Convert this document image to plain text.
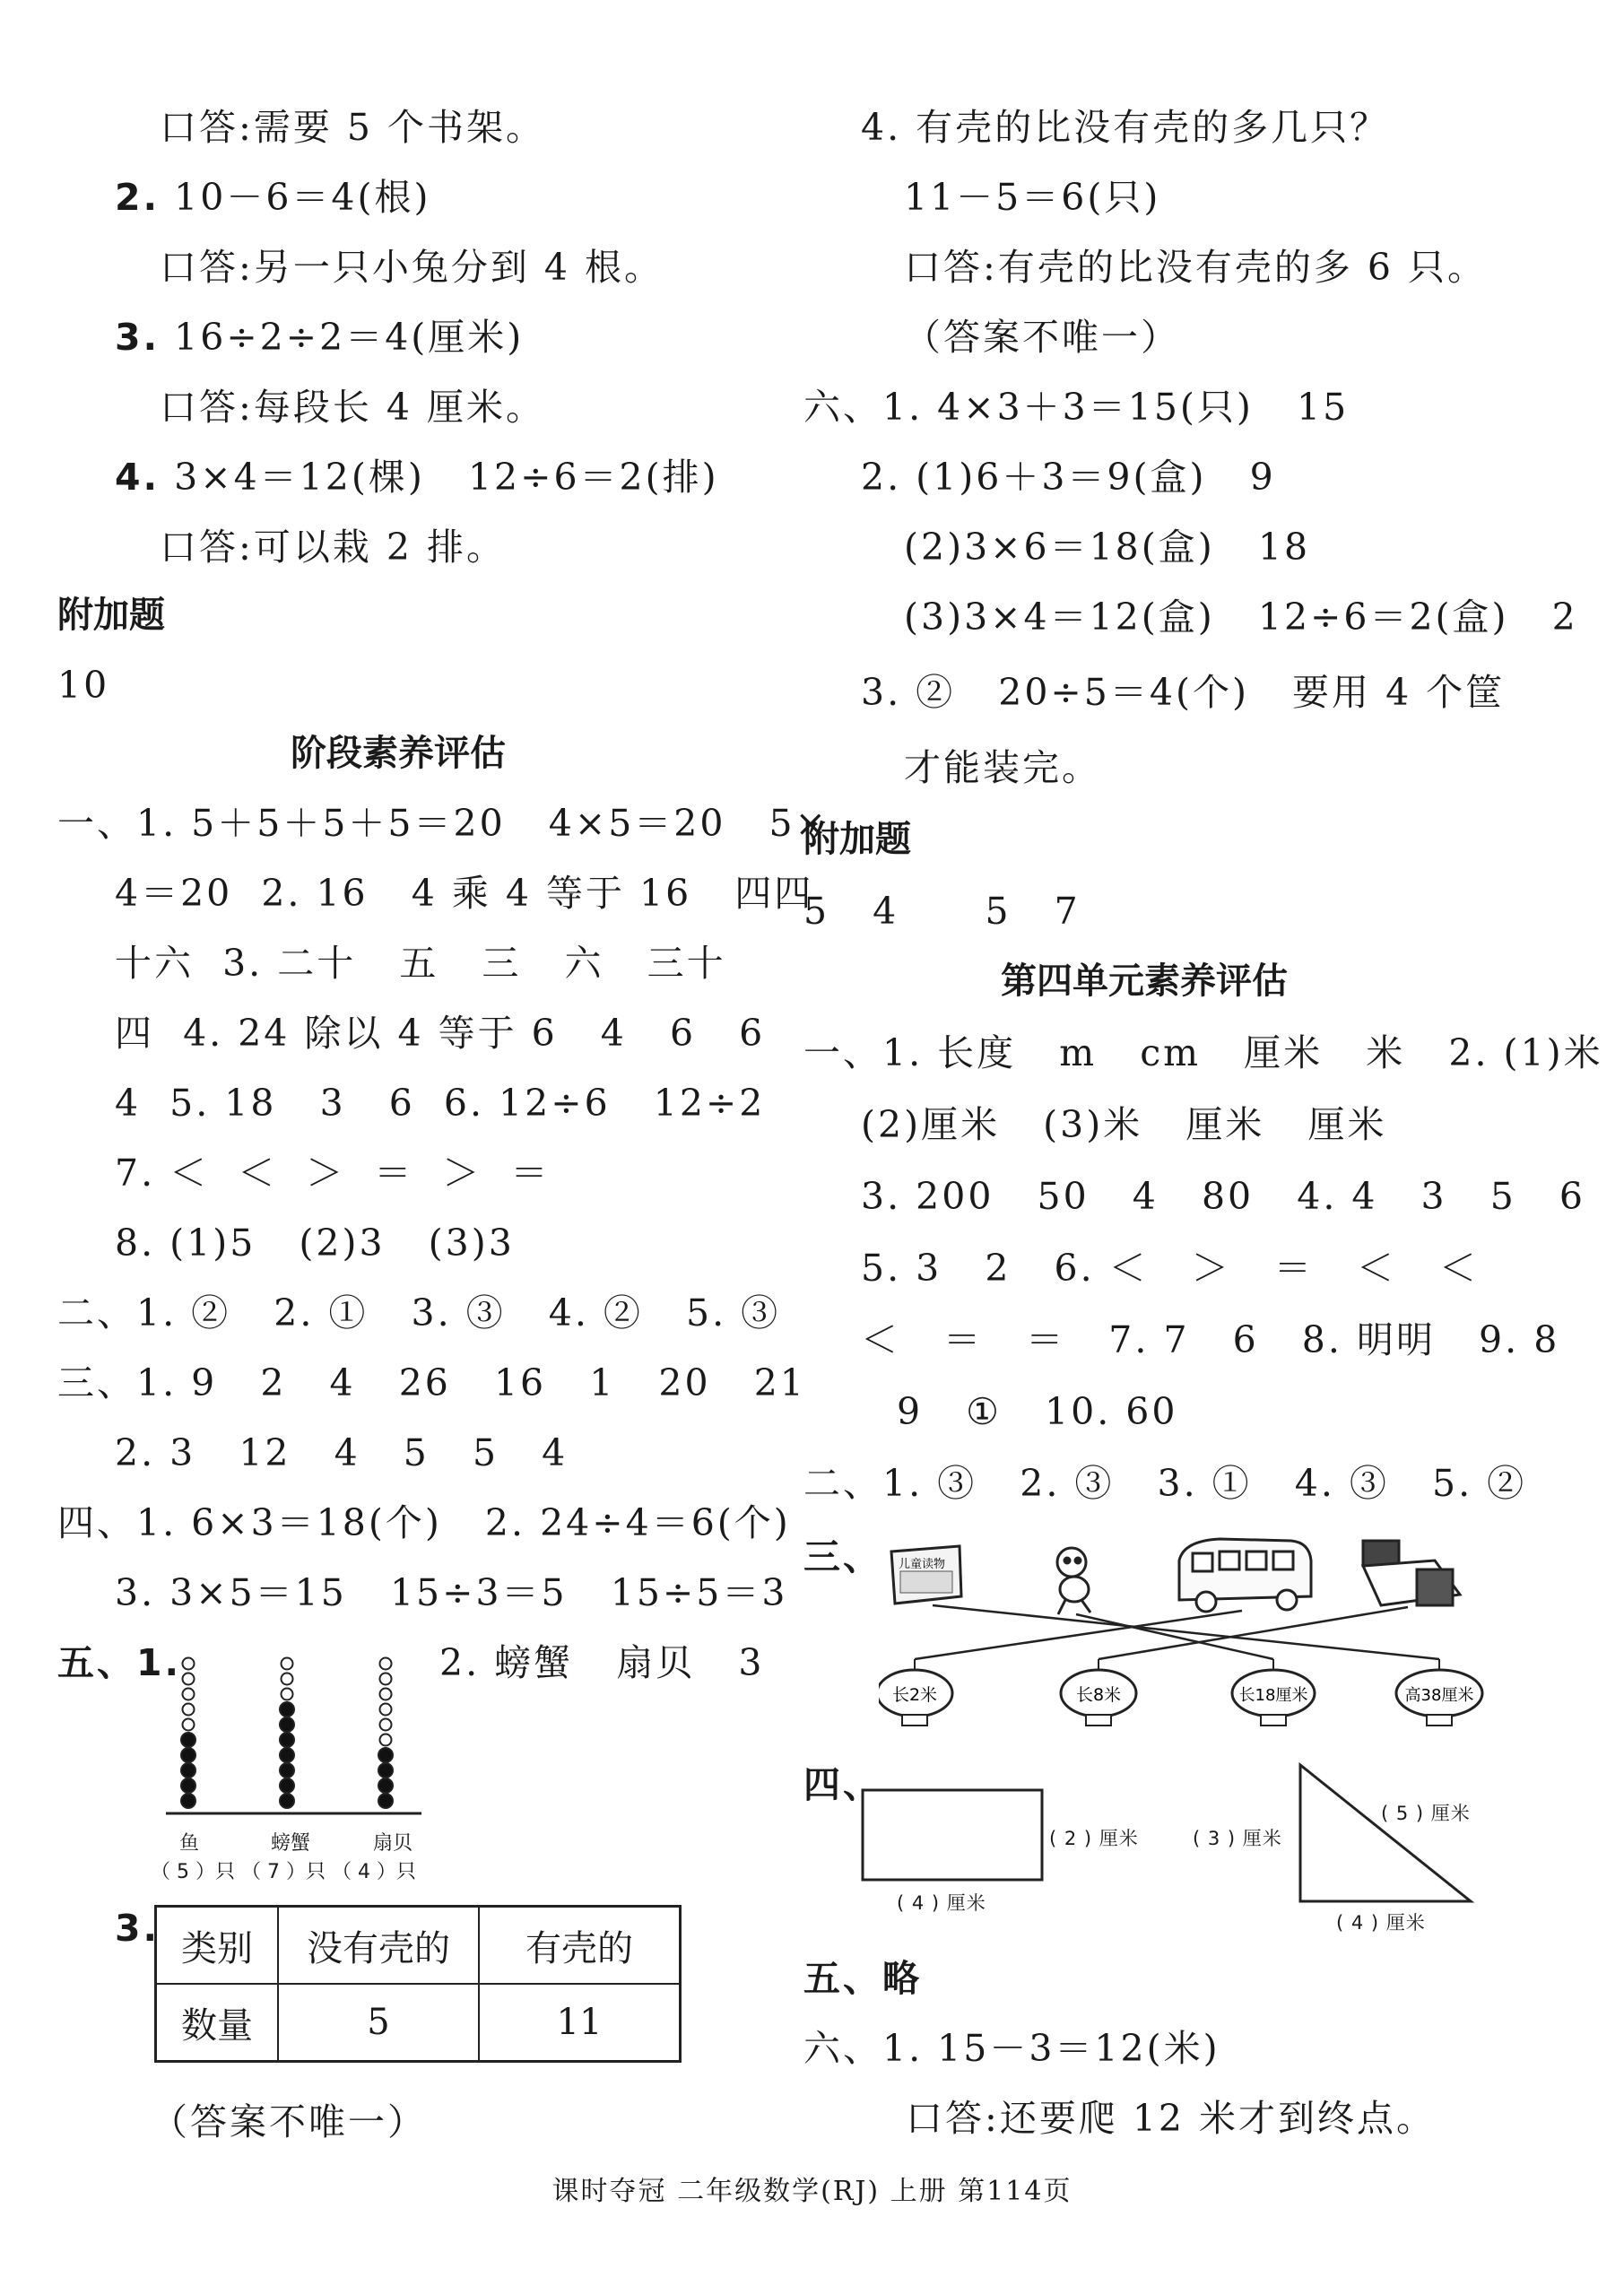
口答:需要 5 个书架。
2. 10－6＝4(根)
口答:另一只小兔分到 4 根。
3. 16÷2÷2＝4(厘米)
口答:每段长 4 厘米。
4. 3×4＝12(棵)   12÷6＝2(排)
口答:可以栽 2 排。
附加题
10
阶段素养评估
一、1. 5＋5＋5＋5＝20   4×5＝20   5×
4＝20  2. 16   4 乘 4 等于 16   四四
十六  3. 二十   五   三   六   三十
四  4. 24 除以 4 等于 6   4   6   6
4  5. 18   3   6  6. 12÷6   12÷2
7. ＜  ＜  ＞  ＝  ＞  ＝
8. (1)5   (2)3   (3)3
二、1. ②   2. ①   3. ③   4. ②   5. ③
三、1. 9   2   4   26   16   1   20   21
2. 3   12   4   5   5   4
四、1. 6×3＝18(个)   2. 24÷4＝6(个)
3. 3×5＝15   15÷3＝5   15÷5＝3
五、1.	2. 螃蟹   扇贝   3
鱼	螃蟹	扇贝
（ 5 ）只 （ 7 ）只 （ 4 ）只
3. 类别	没有壳的	有壳的
数量	5	11
（答案不唯一）
4. 有壳的比没有壳的多几只？
11－5＝6(只)
口答:有壳的比没有壳的多 6 只。
（答案不唯一）
六、1. 4×3＋3＝15(只)   15
2. (1)6＋3＝9(盒)   9
(2)3×6＝18(盒)   18
(3)3×4＝12(盒)   12÷6＝2(盒)   2
3. ②   20÷5＝4(个)   要用 4 个筐
才能装完。
附加题
5   4      5   7
第四单元素养评估
一、1. 长度   m   cm   厘米   米   2. (1)米
(2)厘米   (3)米   厘米   厘米
3. 200   50   4   80   4. 4   3   5   6
5. 3   2   6. ＜   ＞   ＝   ＜   ＜
＜   ＝   ＝   7. 7   6   8. 明明   9. 8
9   ①   10. 60
二、1. ③   2. ③   3. ①   4. ③   5. ②
三、 儿童读物
长2米	长8米	长18厘米	高38厘米
四、
( 2 ) 厘米
( 4 ) 厘米
( 3 ) 厘米
( 5 ) 厘米
( 4 ) 厘米
五、略
六、1. 15－3＝12(米)
口答:还要爬 12 米才到终点。
课时夺冠 二年级数学(RJ) 上册 第114页
